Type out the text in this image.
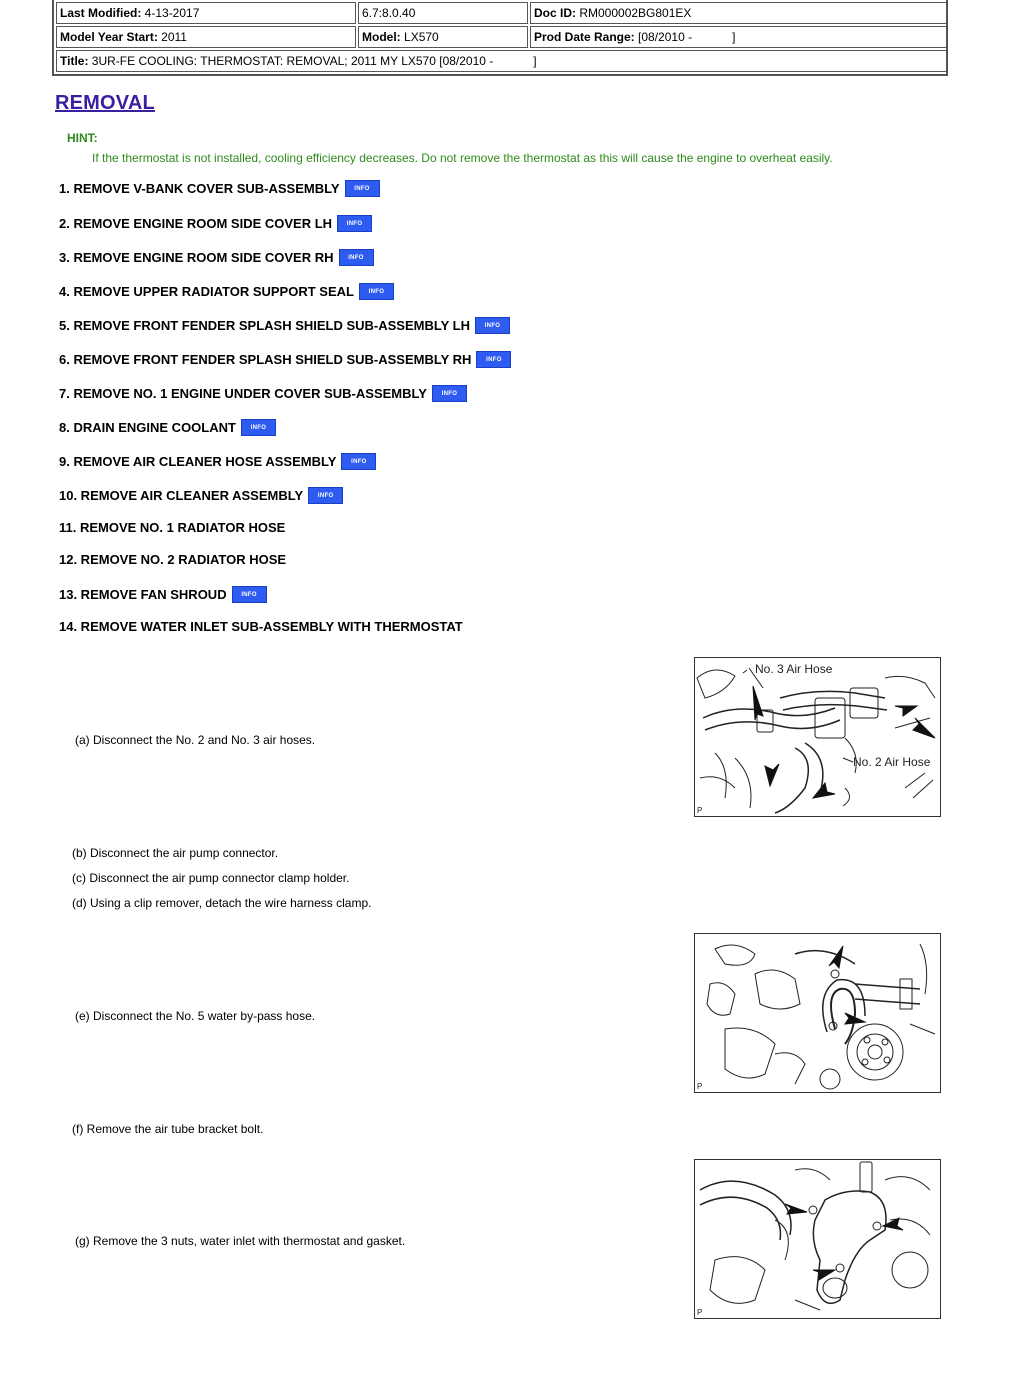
Last Modified: 4-13-2017	6.7:8.0.40	Doc ID: RM000002BG801EX
Model Year Start: 2011	Model: LX570	Prod Date Range: [08/2010 -            ]
Title: 3UR-FE COOLING: THERMOSTAT: REMOVAL; 2011 MY LX570 [08/2010 -            ]
REMOVAL
HINT:
If the thermostat is not installed, cooling efficiency decreases. Do not remove the thermostat as this will cause the engine to overheat easily.
1. REMOVE V-BANK COVER SUB-ASSEMBLY	INFO
2. REMOVE ENGINE ROOM SIDE COVER LH	INFO
3. REMOVE ENGINE ROOM SIDE COVER RH	INFO
4. REMOVE UPPER RADIATOR SUPPORT SEAL	INFO
5. REMOVE FRONT FENDER SPLASH SHIELD SUB-ASSEMBLY LH	INFO
6. REMOVE FRONT FENDER SPLASH SHIELD SUB-ASSEMBLY RH	INFO
7. REMOVE NO. 1 ENGINE UNDER COVER SUB-ASSEMBLY	INFO
8. DRAIN ENGINE COOLANT	INFO
9. REMOVE AIR CLEANER HOSE ASSEMBLY	INFO
10. REMOVE AIR CLEANER ASSEMBLY	INFO
11. REMOVE NO. 1 RADIATOR HOSE
12. REMOVE NO. 2 RADIATOR HOSE
13. REMOVE FAN SHROUD	INFO
14. REMOVE WATER INLET SUB-ASSEMBLY WITH THERMOSTAT
(a) Disconnect the No. 2 and No. 3 air hoses.
(b) Disconnect the air pump connector.
(c) Disconnect the air pump connector clamp holder.
(d) Using a clip remover, detach the wire harness clamp.
(e) Disconnect the No. 5 water by-pass hose.
(f) Remove the air tube bracket bolt.
(g) Remove the 3 nuts, water inlet with thermostat and gasket.
No. 3 Air Hose
No. 2 Air Hose
P
P
P
